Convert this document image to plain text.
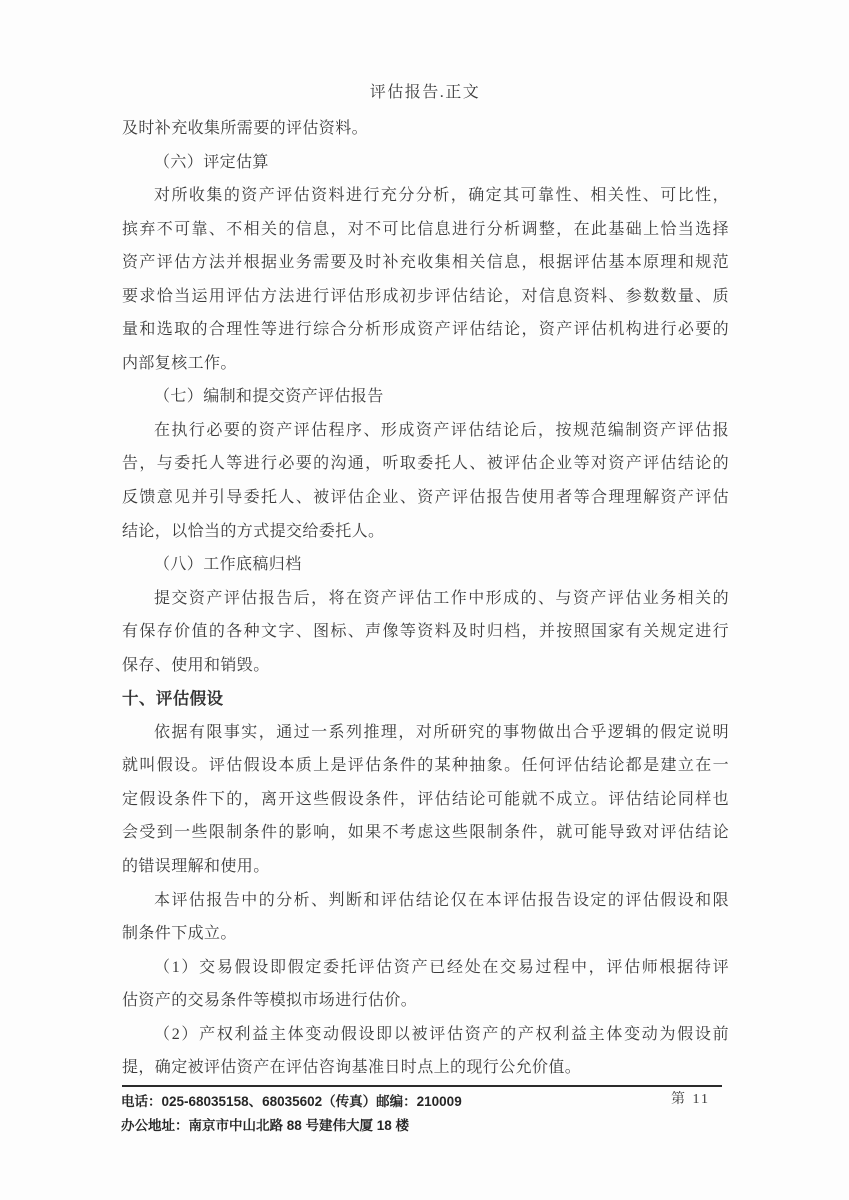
评估报告.正文
及时补充收集所需要的评估资料。
（六）评定估算
对所收集的资产评估资料进行充分分析，确定其可靠性、相关性、可比性，
摈弃不可靠、不相关的信息，对不可比信息进行分析调整，在此基础上恰当选择
资产评估方法并根据业务需要及时补充收集相关信息，根据评估基本原理和规范
要求恰当运用评估方法进行评估形成初步评估结论，对信息资料、参数数量、质
量和选取的合理性等进行综合分析形成资产评估结论，资产评估机构进行必要的
内部复核工作。
（七）编制和提交资产评估报告
在执行必要的资产评估程序、形成资产评估结论后，按规范编制资产评估报
告，与委托人等进行必要的沟通，听取委托人、被评估企业等对资产评估结论的
反馈意见并引导委托人、被评估企业、资产评估报告使用者等合理理解资产评估
结论，以恰当的方式提交给委托人。
（八）工作底稿归档
提交资产评估报告后，将在资产评估工作中形成的、与资产评估业务相关的
有保存价值的各种文字、图标、声像等资料及时归档，并按照国家有关规定进行
保存、使用和销毁。
十、评估假设
依据有限事实，通过一系列推理，对所研究的事物做出合乎逻辑的假定说明
就叫假设。评估假设本质上是评估条件的某种抽象。任何评估结论都是建立在一
定假设条件下的，离开这些假设条件，评估结论可能就不成立。评估结论同样也
会受到一些限制条件的影响，如果不考虑这些限制条件，就可能导致对评估结论
的错误理解和使用。
本评估报告中的分析、判断和评估结论仅在本评估报告设定的评估假设和限
制条件下成立。
（1）交易假设即假定委托评估资产已经处在交易过程中，评估师根据待评
估资产的交易条件等模拟市场进行估价。
（2）产权利益主体变动假设即以被评估资产的产权利益主体变动为假设前
提，确定被评估资产在评估咨询基准日时点上的现行公允价值。
电话：025-68035158、68035602（传真）邮编：210009
办公地址：南京市中山北路 88 号建伟大厦 18 楼
第 11
